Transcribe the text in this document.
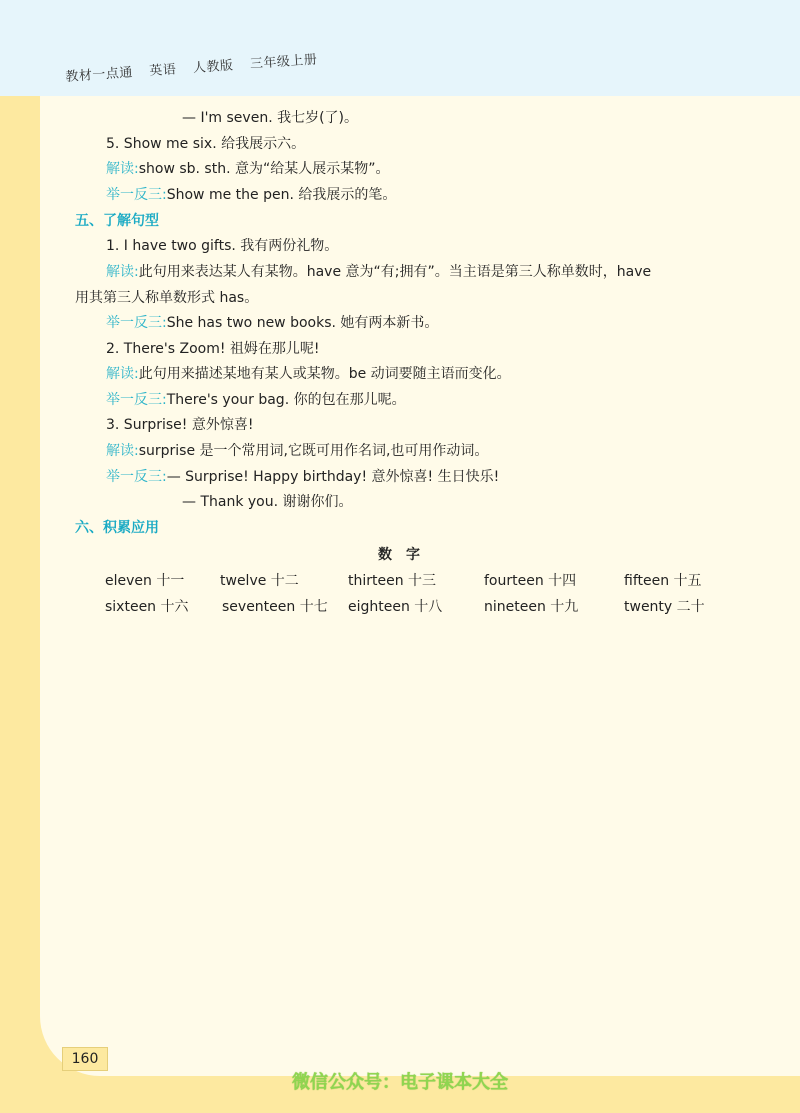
教材一点通 英语 人教版 三年级上册
— I'm seven. 我七岁(了)。
5. Show me six. 给我展示六。
解读:show sb. sth. 意为“给某人展示某物”。
举一反三:Show me the pen. 给我展示的笔。
五、了解句型
1. I have two gifts. 我有两份礼物。
解读:此句用来表达某人有某物。have 意为“有;拥有”。当主语是第三人称单数时，have
用其第三人称单数形式 has。
举一反三:She has two new books. 她有两本新书。
2. There's Zoom! 祖姆在那儿呢!
解读:此句用来描述某地有某人或某物。be 动词要随主语而变化。
举一反三:There's your bag. 你的包在那儿呢。
3. Surprise! 意外惊喜!
解读:surprise 是一个常用词,它既可用作名词,也可用作动词。
举一反三:— Surprise! Happy birthday! 意外惊喜! 生日快乐!
— Thank you. 谢谢你们。
六、积累应用
数字
eleven 十一	twelve 十二	thirteen 十三	fourteen 十四	fifteen 十五
sixteen 十六 seventeen 十七 eighteen 十八	nineteen 十九	twenty 二十
160
微信公众号：电子课本大全
